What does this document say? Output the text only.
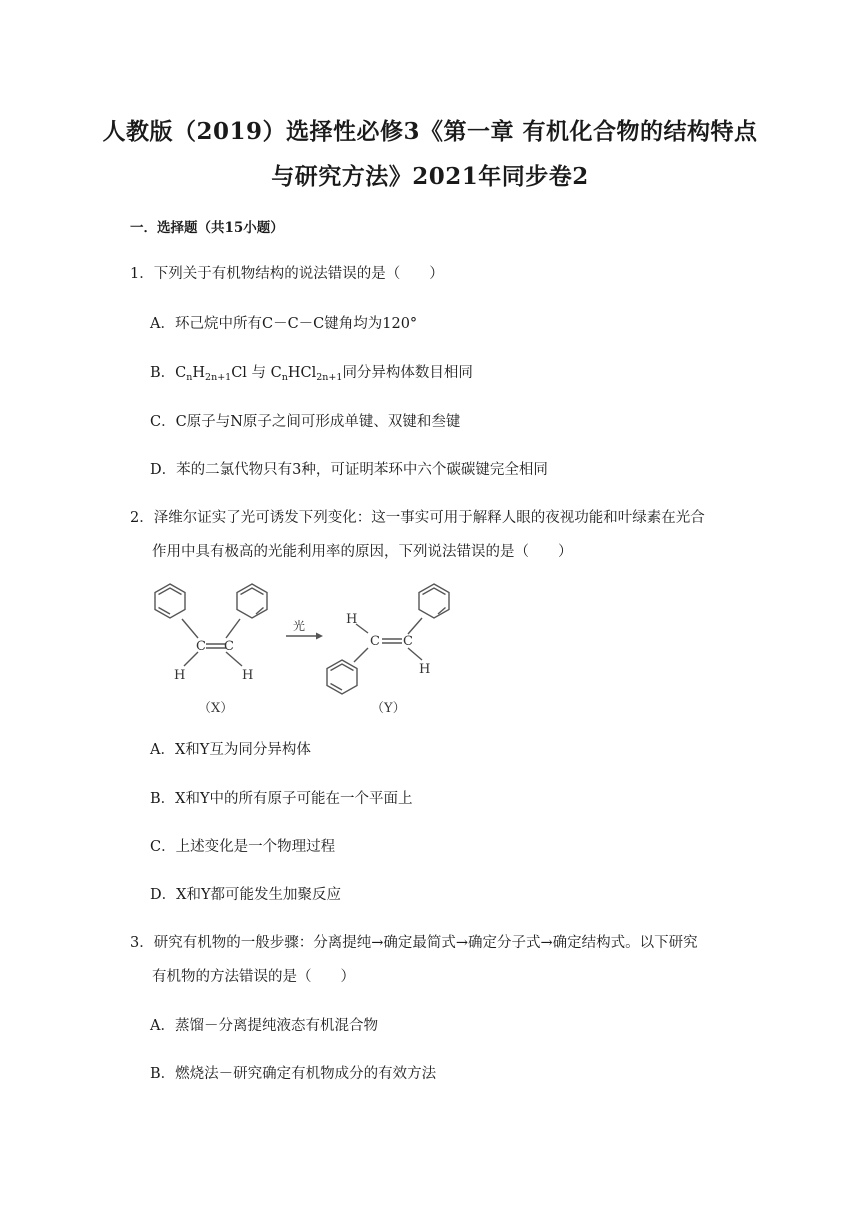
人教版（2019）选择性必修3《第一章 有机化合物的结构特点
与研究方法》2021年同步卷2
一．选择题（共15小题）
1．下列关于有机物结构的说法错误的是（　　）
A．环己烷中所有C－C－C键角均为120°
B．$C_nH_{2n+1}Cl$ 与 $C_nHCl_{2n+1}$同分异构体数目相同
C．C原子与N原子之间可形成单键、双键和叁键
D．苯的二氯代物只有3种，可证明苯环中六个碳碳键完全相同
2．泽维尔证实了光可诱发下列变化：这一事实可用于解释人眼的夜视功能和叶绿素在光合
作用中具有极高的光能利用率的原因，下列说法错误的是（　　）
光
C C
H	H
H
C C
H
（X）	（Y）
A．X和Y互为同分异构体
B．X和Y中的所有原子可能在一个平面上
C．上述变化是一个物理过程
D．X和Y都可能发生加聚反应
3．研究有机物的一般步骤：分离提纯→确定最简式→确定分子式→确定结构式。以下研究
有机物的方法错误的是（　　）
A．蒸馏－分离提纯液态有机混合物
B．燃烧法－研究确定有机物成分的有效方法
